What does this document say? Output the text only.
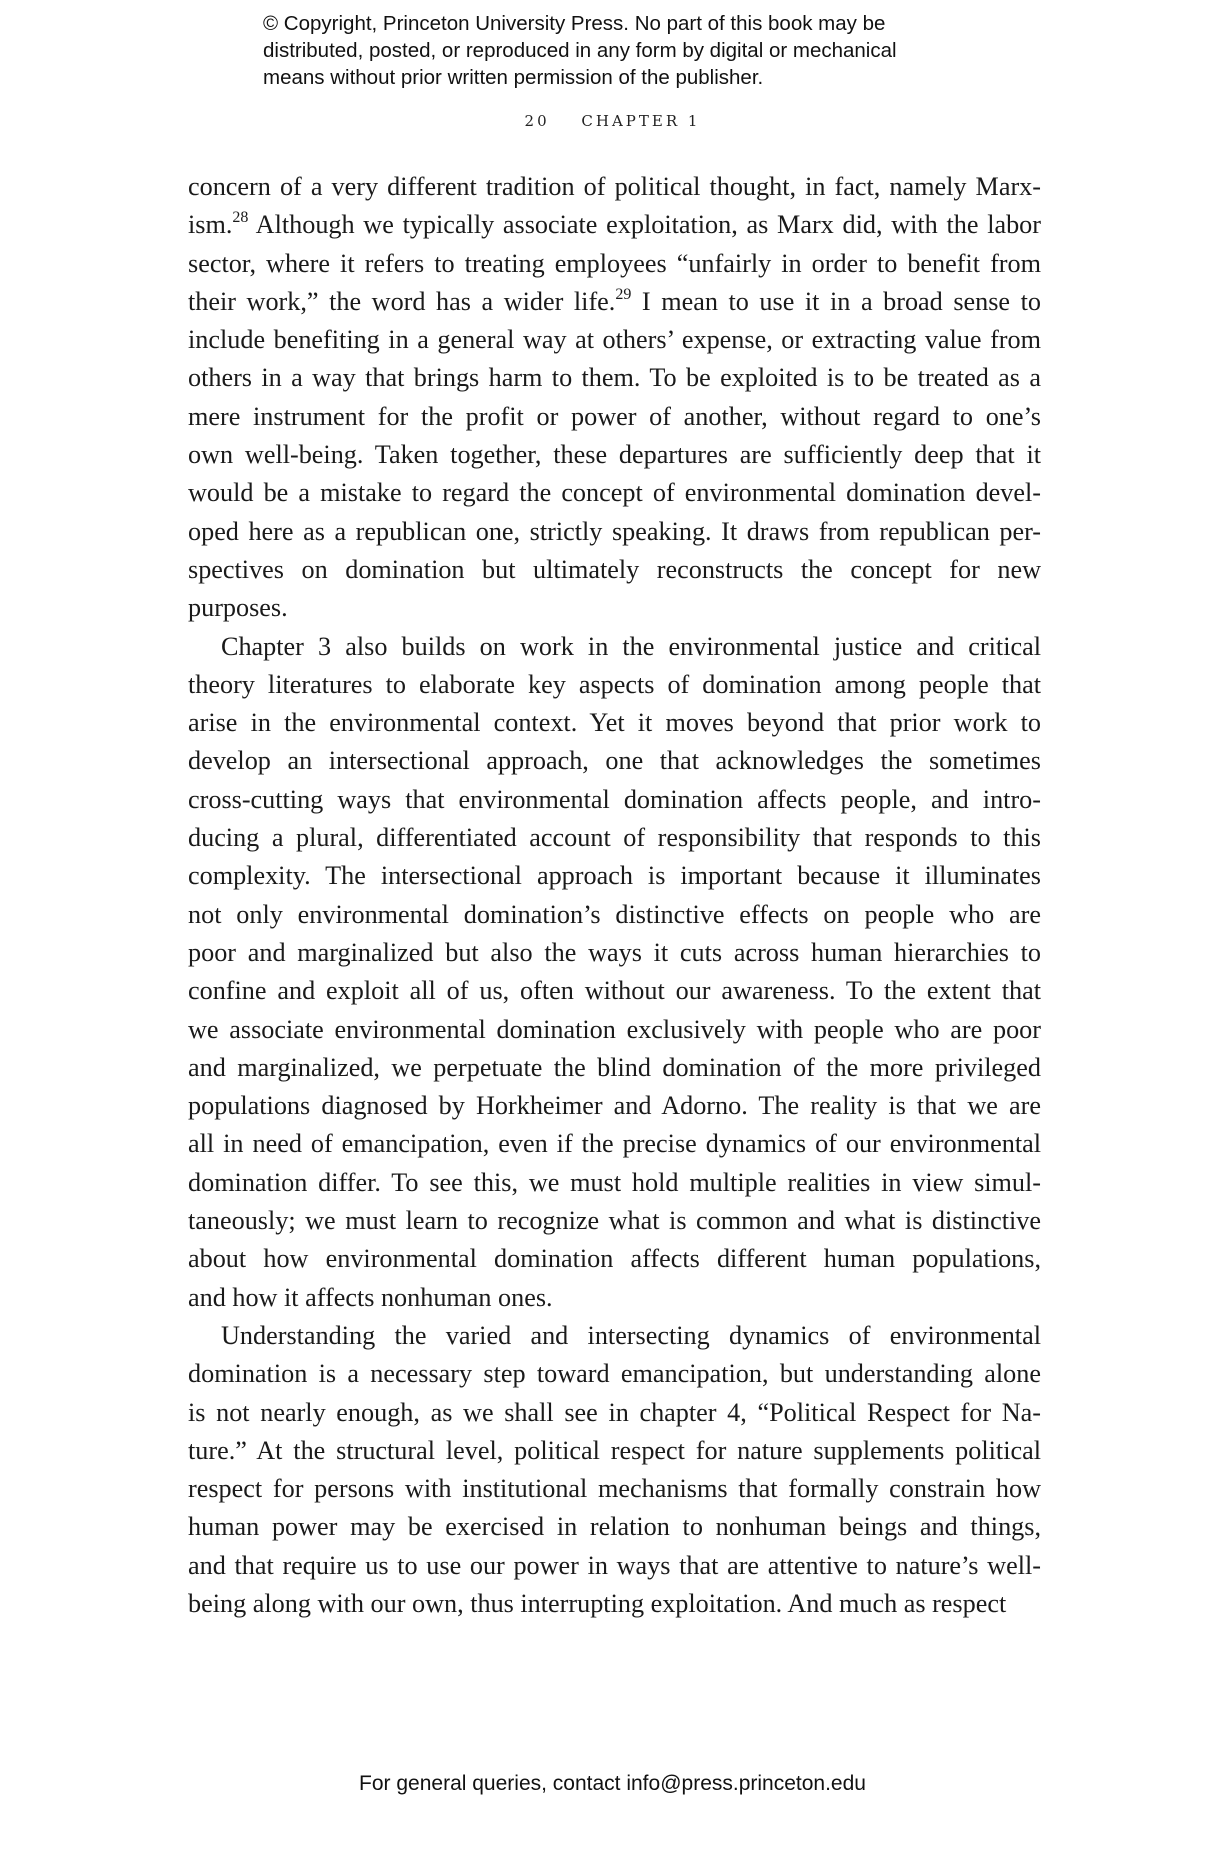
© Copyright, Princeton University Press. No part of this book may be
distributed, posted, or reproduced in any form by digital or mechanical
means without prior written permission of the publisher.
20 CHAPTER 1
concern of a very different tradition of political thought, in fact, namely Marx-
ism.$^{28}$ Although we typically associate exploitation, as Marx did, with the labor
sector, where it refers to treating employees “unfairly in order to benefit from
their work,” the word has a wider life.$^{29}$ I mean to use it in a broad sense to
include benefiting in a general way at others’ expense, or extracting value from
others in a way that brings harm to them. To be exploited is to be treated as a
mere instrument for the profit or power of another, without regard to one’s
own well-being. Taken together, these departures are sufficiently deep that it
would be a mistake to regard the concept of environmental domination devel-
oped here as a republican one, strictly speaking. It draws from republican per-
spectives on domination but ultimately reconstructs the concept for new
purposes.
Chapter 3 also builds on work in the environmental justice and critical
theory literatures to elaborate key aspects of domination among people that
arise in the environmental context. Yet it moves beyond that prior work to
develop an intersectional approach, one that acknowledges the sometimes
cross-cutting ways that environmental domination affects people, and intro-
ducing a plural, differentiated account of responsibility that responds to this
complexity. The intersectional approach is important because it illuminates
not only environmental domination’s distinctive effects on people who are
poor and marginalized but also the ways it cuts across human hierarchies to
confine and exploit all of us, often without our awareness. To the extent that
we associate environmental domination exclusively with people who are poor
and marginalized, we perpetuate the blind domination of the more privileged
populations diagnosed by Horkheimer and Adorno. The reality is that we are
all in need of emancipation, even if the precise dynamics of our environmental
domination differ. To see this, we must hold multiple realities in view simul-
taneously; we must learn to recognize what is common and what is distinctive
about how environmental domination affects different human populations,
and how it affects nonhuman ones.
Understanding the varied and intersecting dynamics of environmental
domination is a necessary step toward emancipation, but understanding alone
is not nearly enough, as we shall see in chapter 4, “Political Respect for Na-
ture.” At the structural level, political respect for nature supplements political
respect for persons with institutional mechanisms that formally constrain how
human power may be exercised in relation to nonhuman beings and things,
and that require us to use our power in ways that are attentive to nature’s well-
being along with our own, thus interrupting exploitation. And much as respect
For general queries, contact info@press.princeton.edu
